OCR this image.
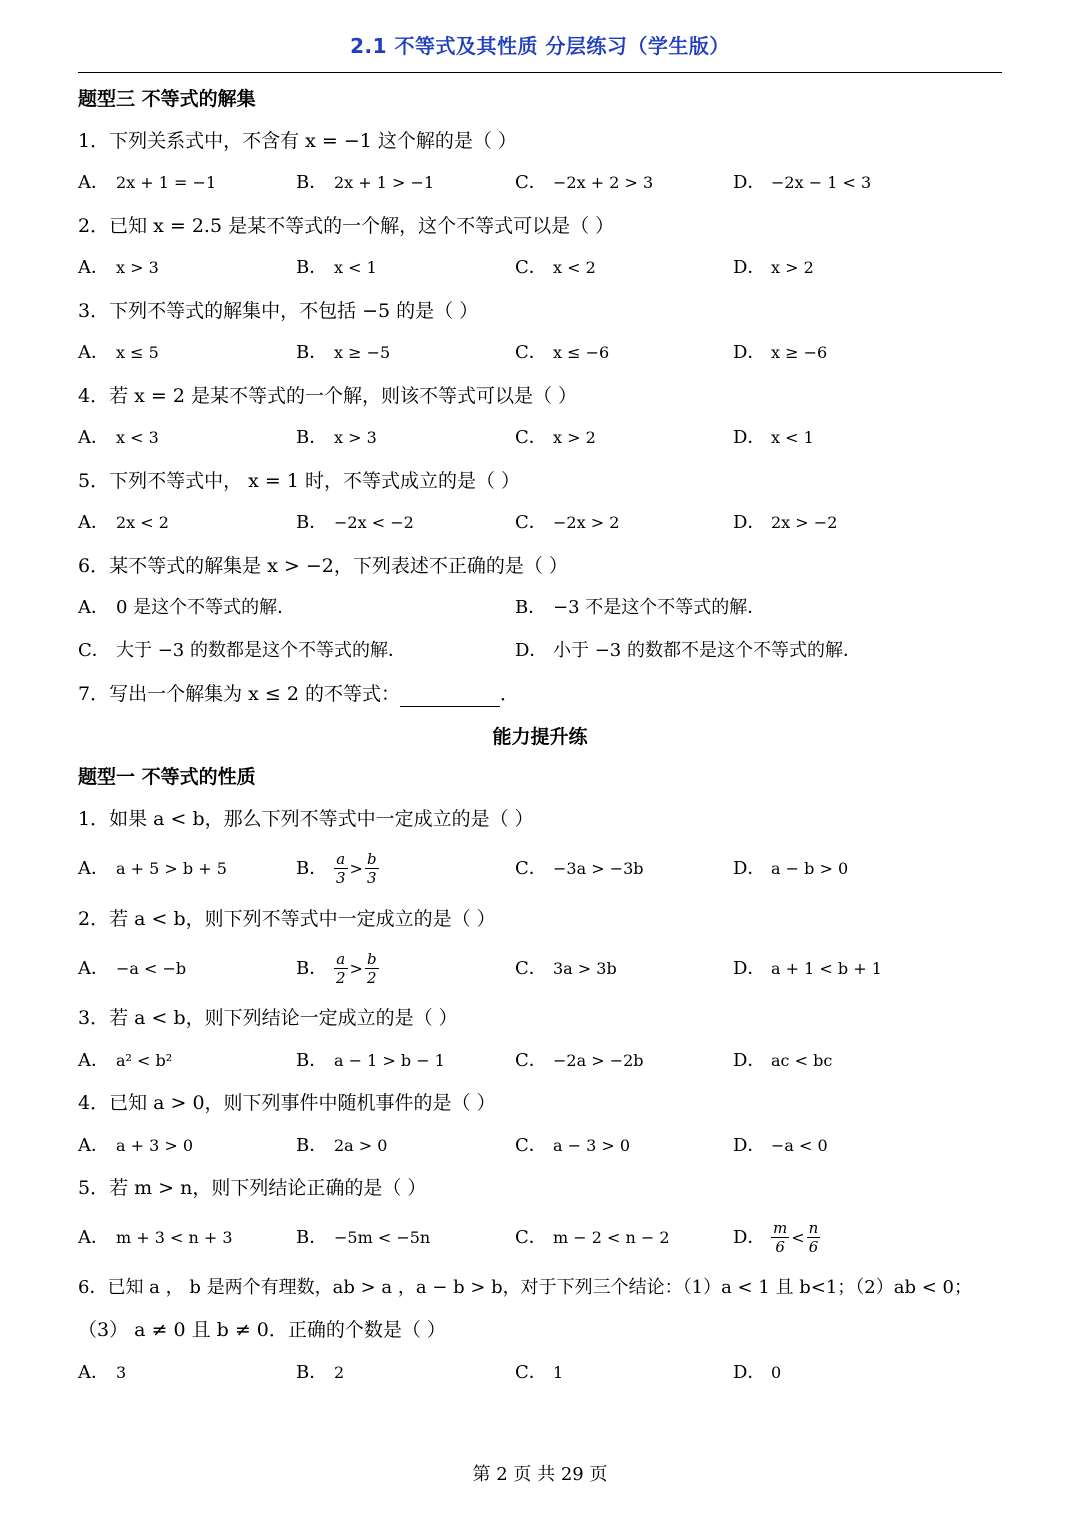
2.1 不等式及其性质 分层练习（学生版）
题型三 不等式的解集
1．下列关系式中，不含有 x = −1 这个解的是（ ）
A． 2x + 1 = −1	B． 2x + 1 > −1	C． −2x + 2 > 3	D． −2x − 1 < 3
2．已知 x = 2.5 是某不等式的一个解，这个不等式可以是（ ）
A． x > 3	B． x < 1	C． x < 2	D． x > 2
3．下列不等式的解集中，不包括 −5 的是（ ）
A． x ≤ 5	B． x ≥ −5	C． x ≤ −6	D． x ≥ −6
4．若 x = 2 是某不等式的一个解，则该不等式可以是（ ）
A． x < 3	B． x > 3	C． x > 2	D． x < 1
5．下列不等式中， x = 1 时，不等式成立的是（ ）
A． 2x < 2	B． −2x < −2	C． −2x > 2	D． 2x > −2
6．某不等式的解集是 x > −2，下列表述不正确的是（ ）
A． 0 是这个不等式的解．	B． −3 不是这个不等式的解．
C． 大于 −3 的数都是这个不等式的解．	D． 小于 −3 的数都不是这个不等式的解．
7．写出一个解集为 x ≤ 2 的不等式：	．
能力提升练
题型一 不等式的性质
1．如果 a < b，那么下列不等式中一定成立的是（ ）
A． a + 5 > b + 5	B． $\frac{a}{3} > \frac{b}{3}$	C． −3a > −3b	D． a − b > 0
2．若 a < b，则下列不等式中一定成立的是（ ）
A． −a < −b	B． $\frac{a}{2} > \frac{b}{2}$	C． 3a > 3b	D． a + 1 < b + 1
3．若 a < b，则下列结论一定成立的是（ ）
A． a² < b²	B． a − 1 > b − 1	C． −2a > −2b	D． ac < bc
4．已知 a > 0，则下列事件中随机事件的是（ ）
A． a + 3 > 0	B． 2a > 0	C． a − 3 > 0	D． −a < 0
5．若 m > n，则下列结论正确的是（ ）
A． m + 3 < n + 3	B． −5m < −5n	C． m − 2 < n − 2	D． $\frac{m}{6} < \frac{n}{6}$
6．已知 a ， b 是两个有理数，ab > a ，a − b > b，对于下列三个结论：（1）a < 1 且 b<1；（2）ab < 0；
（3） a ≠ 0 且 b ≠ 0．正确的个数是（ ）
A． 3	B． 2	C． 1	D． 0
第 2 页 共 29 页
